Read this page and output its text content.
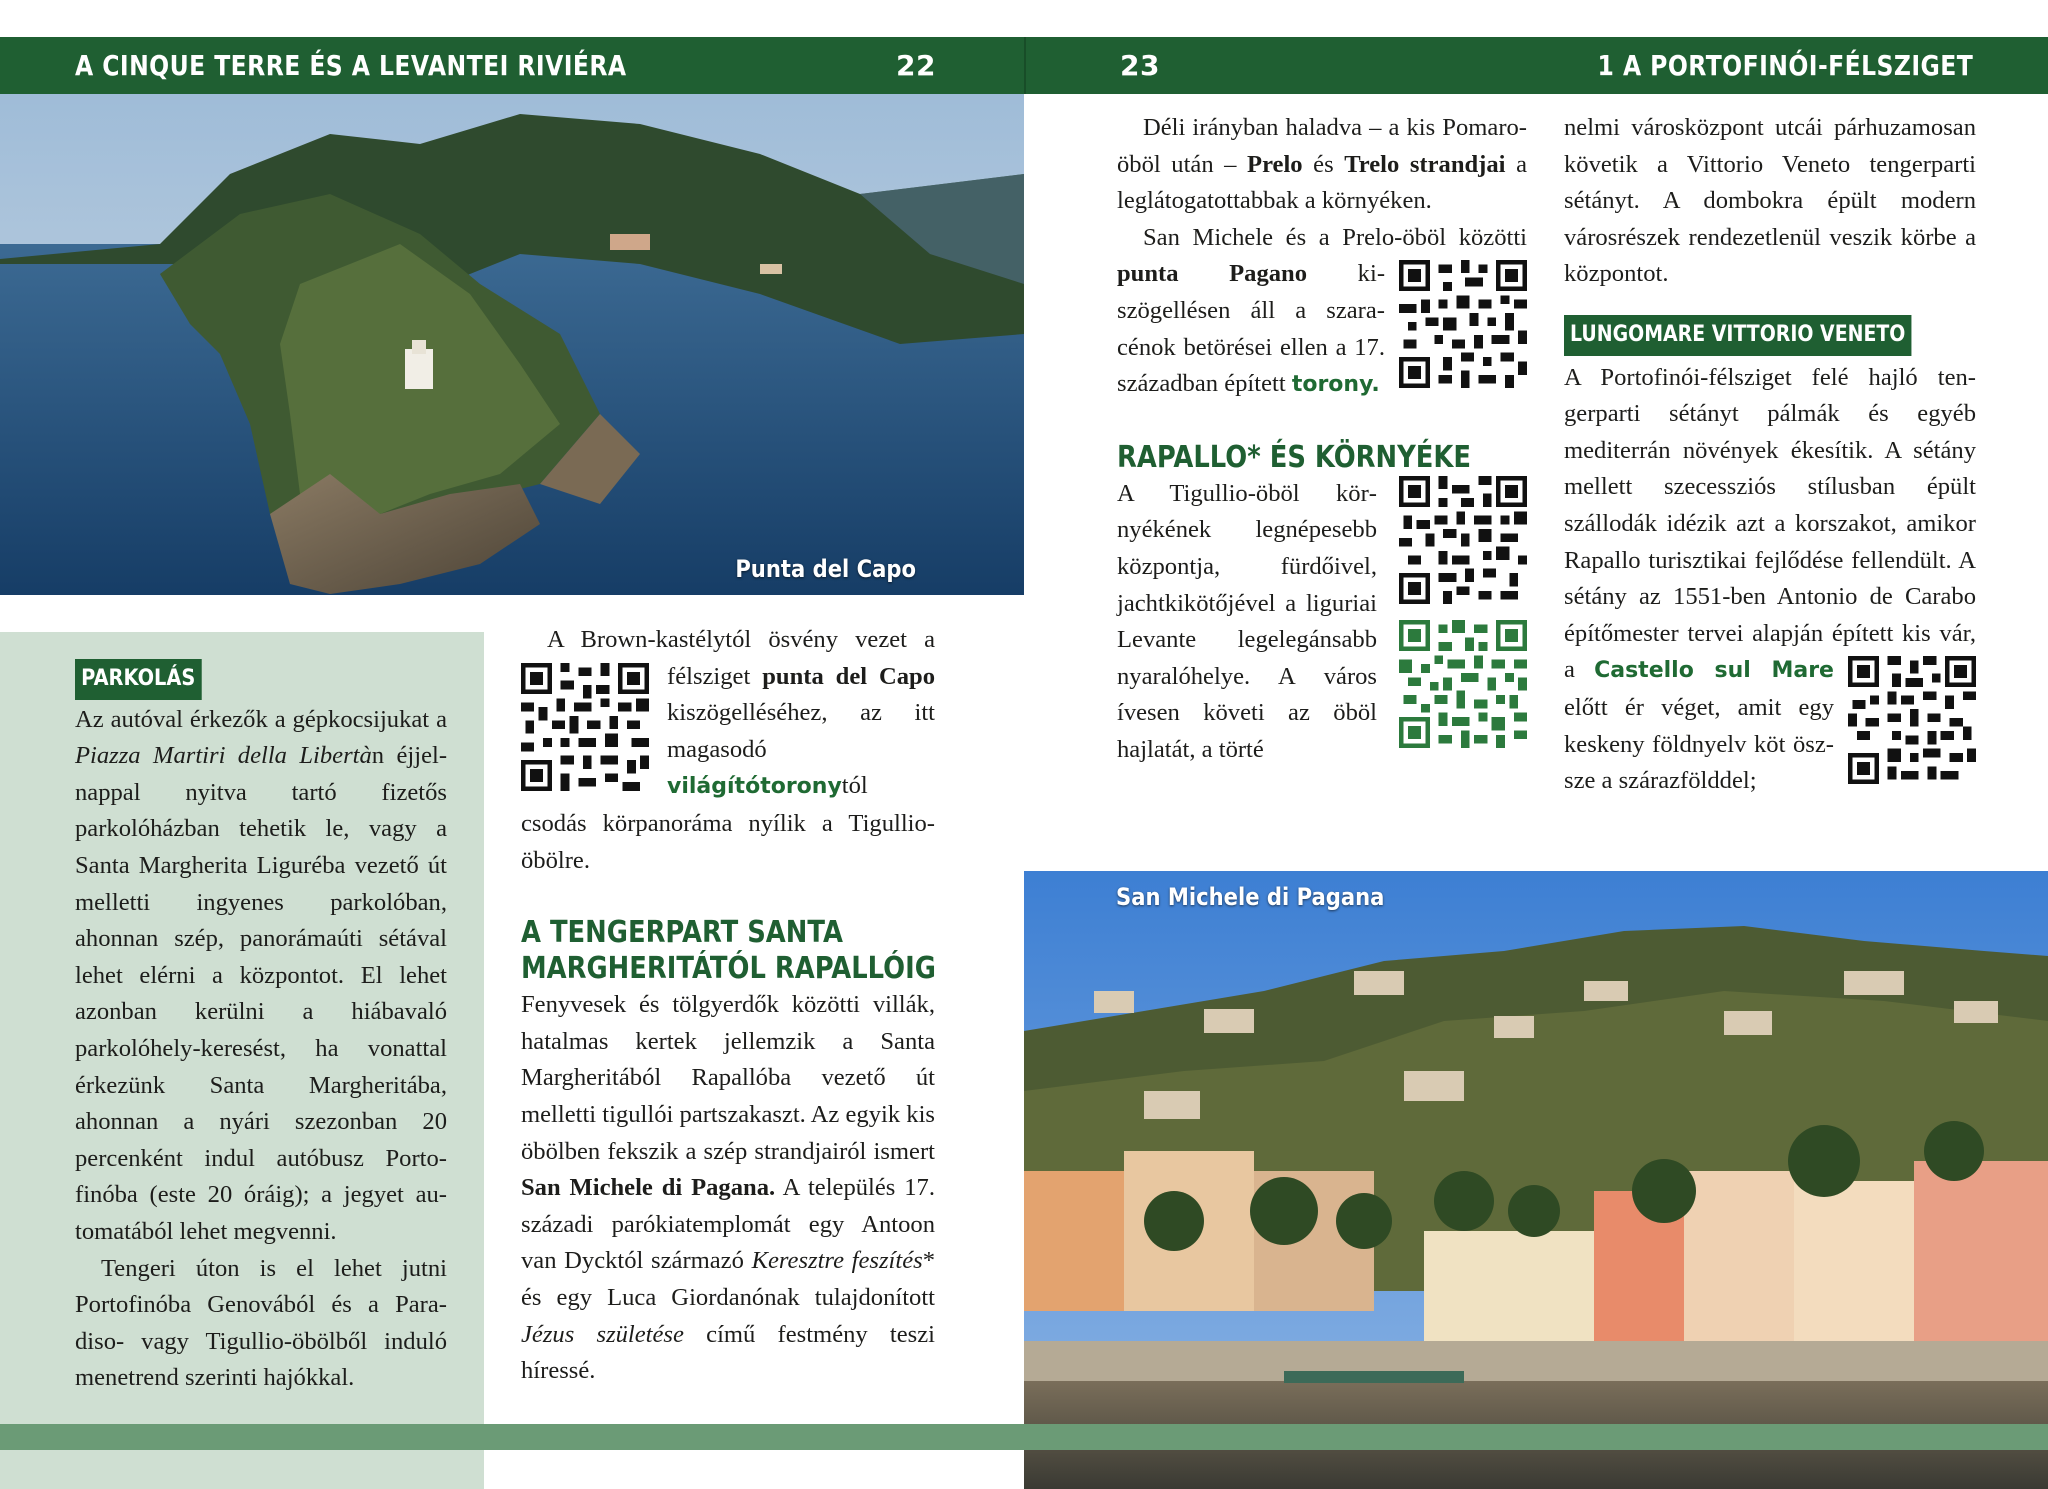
A CINQUE TERRE ÉS A LEVANTEI RIVIÉRA	22	23	1 A PORTOFINÓI-FÉLSZIGET
Punta del Capo
PARKOLÁS

Az autóval érkezők a gépkocsijukat a Piazza Martiri della Libertàn éjjel-nappal nyitva tartó fizetős parkolóházban tehetik le, vagy a Santa Margherita Liguréba vezető út melletti ingyenes parkolóban, ahonnan szép, panorámaúti sétával lehet elérni a központot. El lehet azonban kerülni a hiábavaló parkolóhely-keresést, ha vonattal érkezünk Santa Margheritába, ahonnan a nyári szezonban 20 percenként indul autóbusz Portofinóba (este 20 óráig); a jegyet automatából lehet megvenni.

Tengeri úton is el lehet jutni Portofinóba Genovából és a Paradiso- vagy Tigullio-öbölből induló menetrend szerinti hajókkal.

A Brown-kastélytól ösvény vezet a félsziget punta del Capo
kiszögelléséhez, az itt magasodó világítótoronytól csodás körpanoráma nyílik a Tigullio-öbölre.

A TENGERPART SANTA
MARGHERITÁTÓL RAPALLÓIG

Fenyvesek és tölgyerdők közötti villák, hatalmas kertek jellemzik a Santa Margheritából Rapallóba vezető út melletti tigullói partszakaszt. Az egyik kis öbölben fekszik a szép strandjairól ismert San Michele di Pagana. A település 17. századi parókiatemplomát egy Antoon van Dycktól származó Keresztre feszítés* és egy Luca Giordanónak tulajdonított Jézus születése című festmény teszi híressé.

Déli irányban haladva – a kis Pomaro-öböl után – Prelo és Trelo strandjai a leglátogatottabbak a környéken.

San Michele és a Prelo-öböl közötti punta Pagano
kiszögellésen áll a szaracénok betörései ellen a 17. században épített torony.

RAPALLO* ÉS KÖRNYÉKE

A Tigullio-öböl környékének legnépesebb központja, fürdőivel, jachtkikötőjével a liguriai Levante legelegánsabb nyaralóhelye. A város ívesen követi az öböl hajlatát, a törté

nelmi városközpont utcái párhuzamosan követik a Vittorio Veneto tengerparti sétányt. A dombokra épült modern városrészek rendezetlenül veszik körbe a központot.

LUNGOMARE VITTORIO VENETO

A Portofinói-félsziget felé hajló tengerparti sétányt pálmák és egyéb mediterrán növények ékesítik. A sétány mellett szecessziós stílusban épült szállodák idézik azt a korszakot, amikor Rapallo turisztikai fejlődése fellendült. A sétány az 1551-ben Antonio de Carabo építőmester tervei alapján épített kis vár, a Castello sul Mare
előtt ér véget, amit egy keskeny földnyelv köt öszsze a szárazfölddel;

San Michele di Pagana
